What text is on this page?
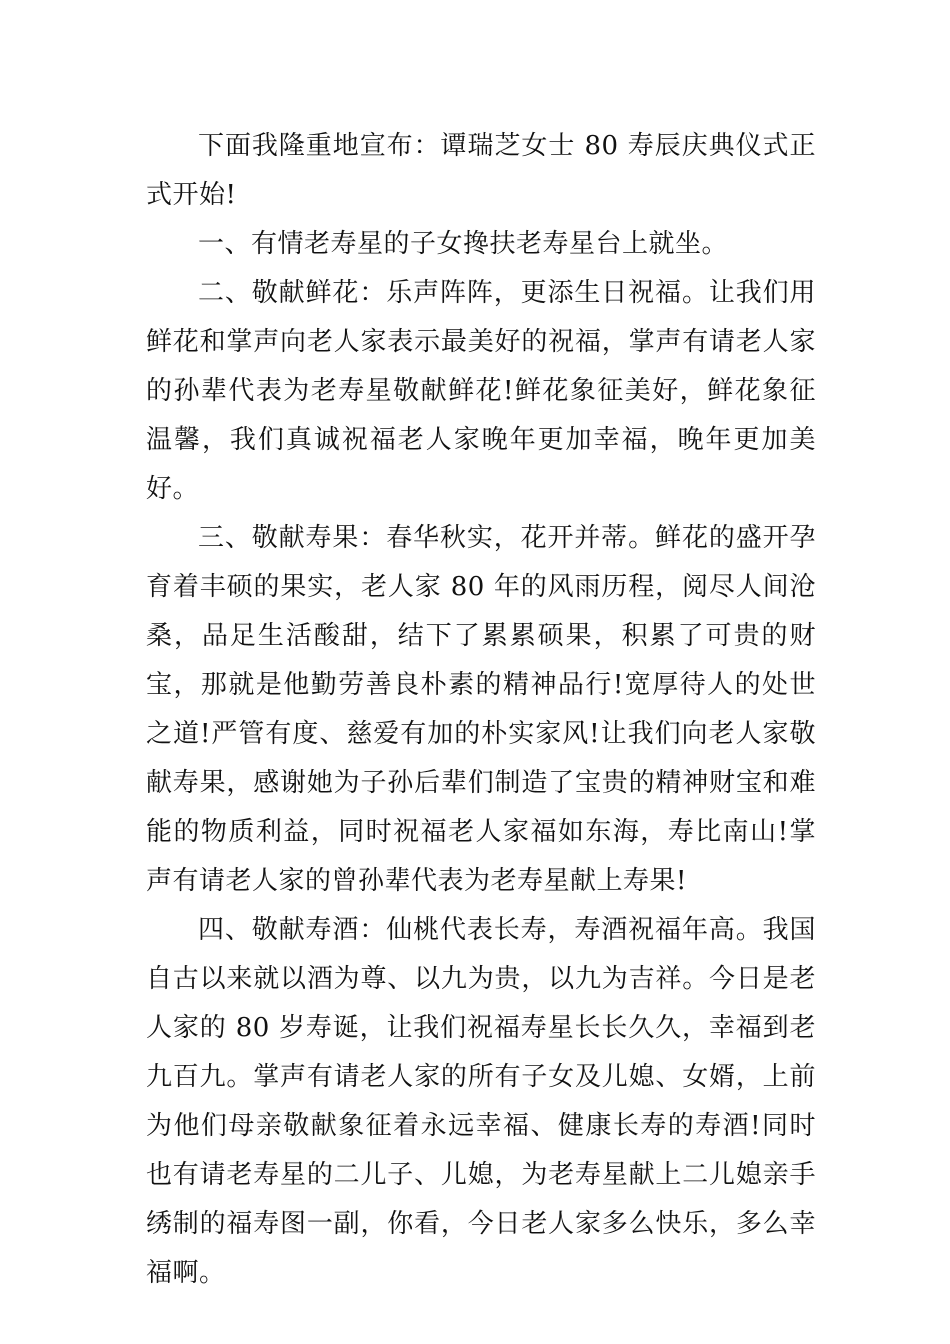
下面我隆重地宣布：谭瑞芝女士 80 寿辰庆典仪式正式开始!

一、有情老寿星的子女搀扶老寿星台上就坐。

二、敬献鲜花：乐声阵阵，更添生日祝福。让我们用鲜花和掌声向老人家表示最美好的祝福，掌声有请老人家的孙辈代表为老寿星敬献鲜花!鲜花象征美好，鲜花象征温馨，我们真诚祝福老人家晚年更加幸福，晚年更加美好。

三、敬献寿果：春华秋实，花开并蒂。鲜花的盛开孕育着丰硕的果实，老人家 80 年的风雨历程，阅尽人间沧桑，品足生活酸甜，结下了累累硕果，积累了可贵的财宝，那就是他勤劳善良朴素的精神品行!宽厚待人的处世之道!严管有度、慈爱有加的朴实家风!让我们向老人家敬献寿果，感谢她为子孙后辈们制造了宝贵的精神财宝和难能的物质利益，同时祝福老人家福如东海，寿比南山!掌声有请老人家的曾孙辈代表为老寿星献上寿果!

四、敬献寿酒：仙桃代表长寿，寿酒祝福年高。我国自古以来就以酒为尊、以九为贵，以九为吉祥。今日是老人家的 80 岁寿诞，让我们祝福寿星长长久久，幸福到老九百九。掌声有请老人家的所有子女及儿媳、女婿，上前为他们母亲敬献象征着永远幸福、健康长寿的寿酒!同时也有请老寿星的二儿子、儿媳，为老寿星献上二儿媳亲手绣制的福寿图一副，你看，今日老人家多么快乐，多么幸福啊。
